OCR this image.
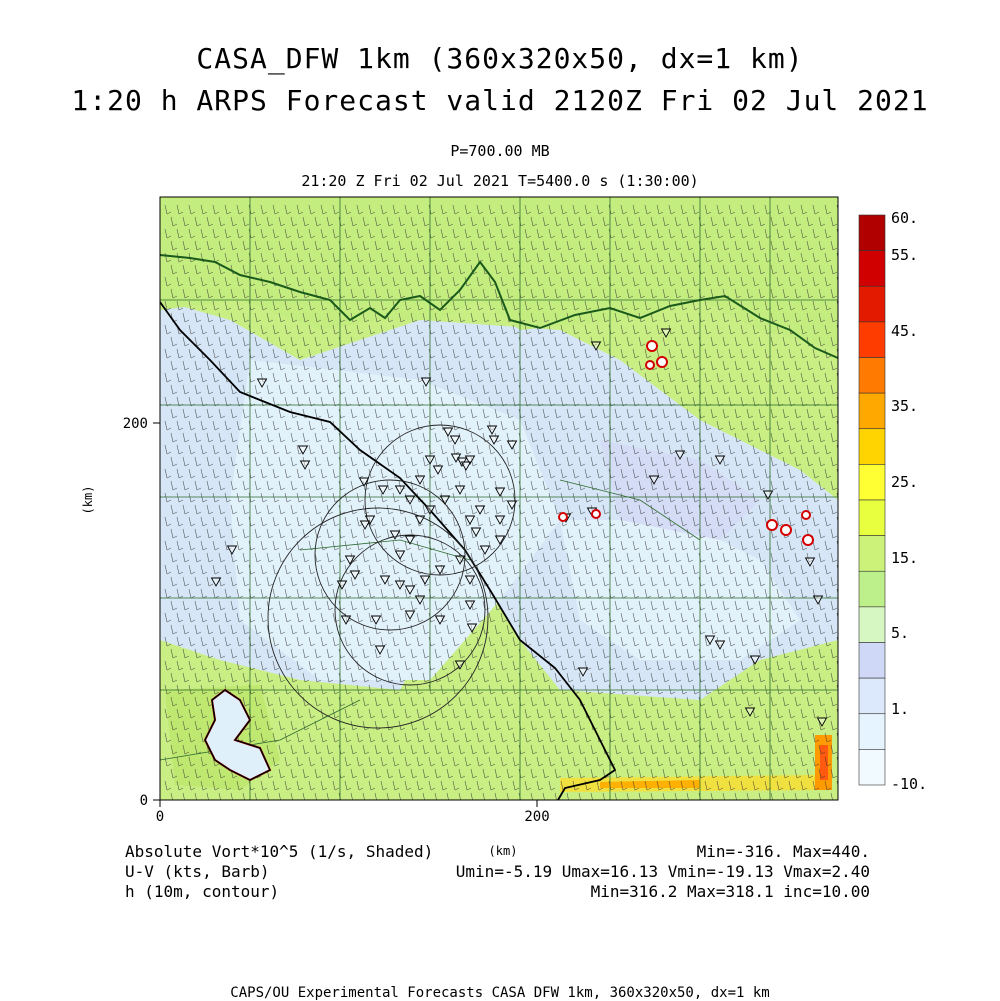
CASA_DFW 1km (360x320x50, dx=1 km)
1:20 h ARPS Forecast valid 2120Z Fri 02 Jul 2021
P=700.00 MB
21:20 Z Fri 02 Jul 2021 T=5400.0 s (1:30:00)
200
0
0	200
(km)
(km)
60.
55.
45.
35.
25.
15.
5.
1.
-10.
Absolute Vort*10^5 (1/s, Shaded)
U-V (kts, Barb)
h (10m, contour)
Min=-316. Max=440.
Umin=-5.19 Umax=16.13 Vmin=-19.13 Vmax=2.40
Min=316.2 Max=318.1 inc=10.00
CAPS/OU Experimental Forecasts CASA DFW 1km, 360x320x50, dx=1 km
